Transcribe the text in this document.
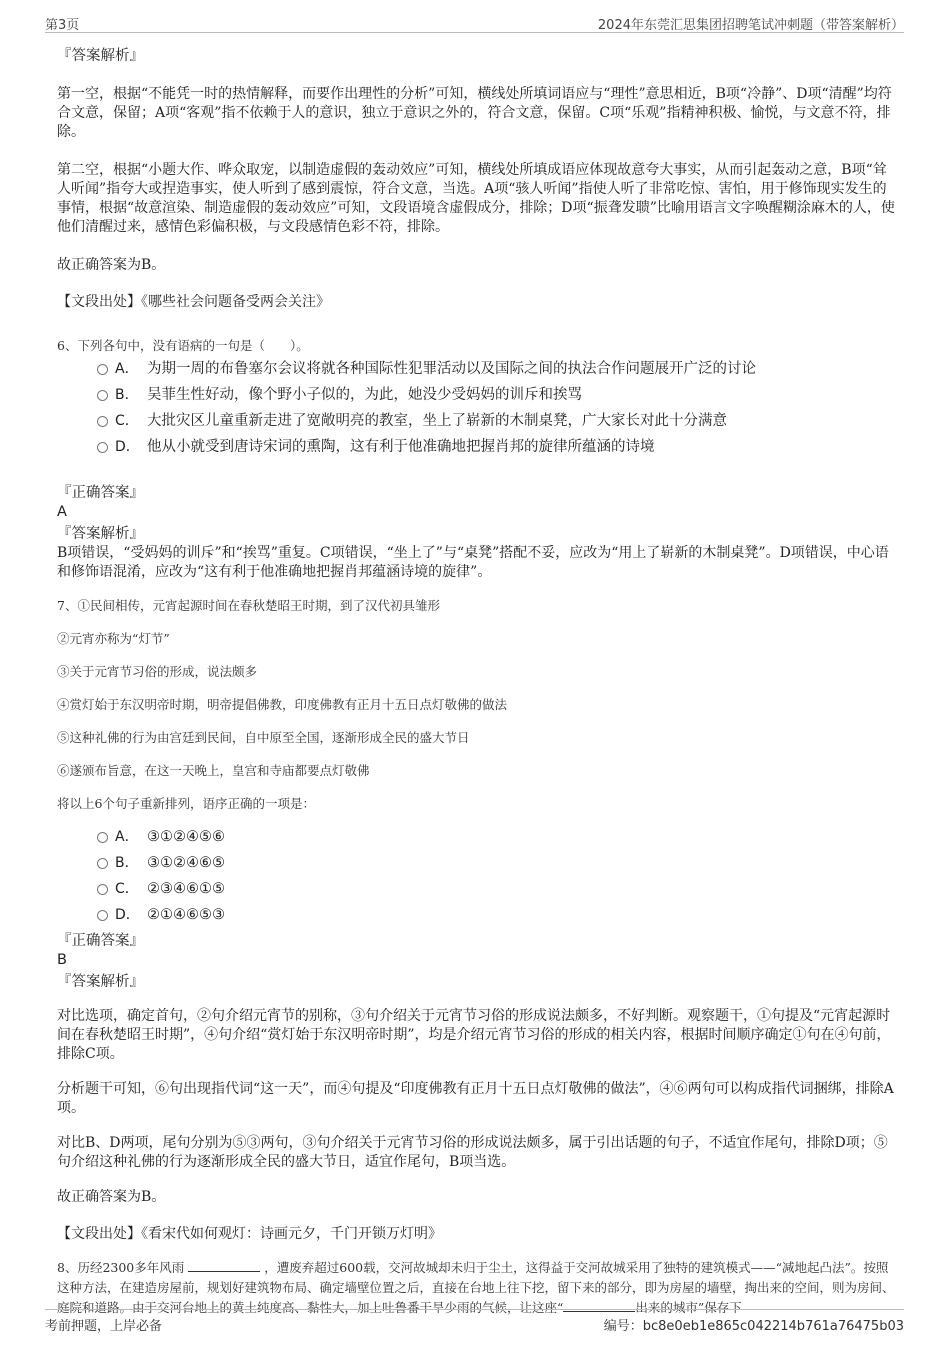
第3页	2024年东莞汇思集团招聘笔试冲刺题（带答案解析）
『答案解析』
第一空，根据“不能凭一时的热情解释，而要作出理性的分析”可知，横线处所填词语应与“理性”意思相近，B项“冷静”、D项“清醒”均符合文意，保留；A项“客观”指不依赖于人的意识，独立于意识之外的，符合文意，保留。C项“乐观”指精神积极、愉悦，与文意不符，排除。
第二空，根据“小题大作、哗众取宠，以制造虚假的轰动效应”可知，横线处所填成语应体现故意夸大事实，从而引起轰动之意，B项“耸人听闻”指夸大或捏造事实，使人听到了感到震惊，符合文意，当选。A项“骇人听闻”指使人听了非常吃惊、害怕，用于修饰现实发生的事情，根据“故意渲染、制造虚假的轰动效应”可知，文段语境含虚假成分，排除；D项“振聋发聩”比喻用语言文字唤醒糊涂麻木的人，使他们清醒过来，感情色彩偏积极，与文段感情色彩不符，排除。
故正确答案为B。
【文段出处】《哪些社会问题备受两会关注》
6、下列各句中，没有语病的一句是（　　）。
A． 为期一周的布鲁塞尔会议将就各种国际性犯罪活动以及国际之间的执法合作问题展开广泛的讨论
B． 吴菲生性好动，像个野小子似的，为此，她没少受妈妈的训斥和挨骂
C． 大批灾区儿童重新走进了宽敞明亮的教室，坐上了崭新的木制桌凳，广大家长对此十分满意
D． 他从小就受到唐诗宋词的熏陶，这有利于他准确地把握肖邦的旋律所蕴涵的诗境
『正确答案』
A
『答案解析』
B项错误，“受妈妈的训斥”和“挨骂”重复。C项错误，“坐上了”与“桌凳”搭配不妥，应改为“用上了崭新的木制桌凳”。D项错误，中心语和修饰语混淆，应改为“这有利于他准确地把握肖邦蕴涵诗境的旋律”。
7、①民间相传，元宵起源时间在春秋楚昭王时期，到了汉代初具雏形
②元宵亦称为“灯节”
③关于元宵节习俗的形成，说法颇多
④赏灯始于东汉明帝时期，明帝提倡佛教，印度佛教有正月十五日点灯敬佛的做法
⑤这种礼佛的行为由宫廷到民间，自中原至全国，逐渐形成全民的盛大节日
⑥遂颁布旨意，在这一天晚上，皇宫和寺庙都要点灯敬佛
将以上6个句子重新排列，语序正确的一项是：
A． ③①②④⑤⑥
B． ③①②④⑥⑤
C． ②③④⑥①⑤
D． ②①④⑥⑤③
『正确答案』
B
『答案解析』
对比选项，确定首句，②句介绍元宵节的别称，③句介绍关于元宵节习俗的形成说法颇多，不好判断。观察题干，①句提及“元宵起源时间在春秋楚昭王时期”，④句介绍“赏灯始于东汉明帝时期”，均是介绍元宵节习俗的形成的相关内容，根据时间顺序确定①句在④句前，排除C项。
分析题干可知，⑥句出现指代词“这一天”，而④句提及“印度佛教有正月十五日点灯敬佛的做法”，④⑥两句可以构成指代词捆绑，排除A项。
对比B、D两项，尾句分别为⑤③两句，③句介绍关于元宵节习俗的形成说法颇多，属于引出话题的句子，不适宜作尾句，排除D项；⑤句介绍这种礼佛的行为逐渐形成全民的盛大节日，适宜作尾句，B项当选。
故正确答案为B。
【文段出处】《看宋代如何观灯：诗画元夕，千门开锁万灯明》
8、历经2300多年风雨	，遭废弃超过600载，交河故城却未归于尘土，这得益于交河故城采用了独特的建筑模式——“减地起凸法”。按照这种方法，在建造房屋前，规划好建筑物布局、确定墙壁位置之后，直接在台地上往下挖，留下来的部分，即为房屋的墙壁，掏出来的空间，则为房间、庭院和道路。由于交河台地上的黄土纯度高、黏性大，加上吐鲁番干旱少雨的气候，让这座“	出来的城市”保存下
考前押题，上岸必备	编号：bc8e0eb1e865c042214b761a76475b03
